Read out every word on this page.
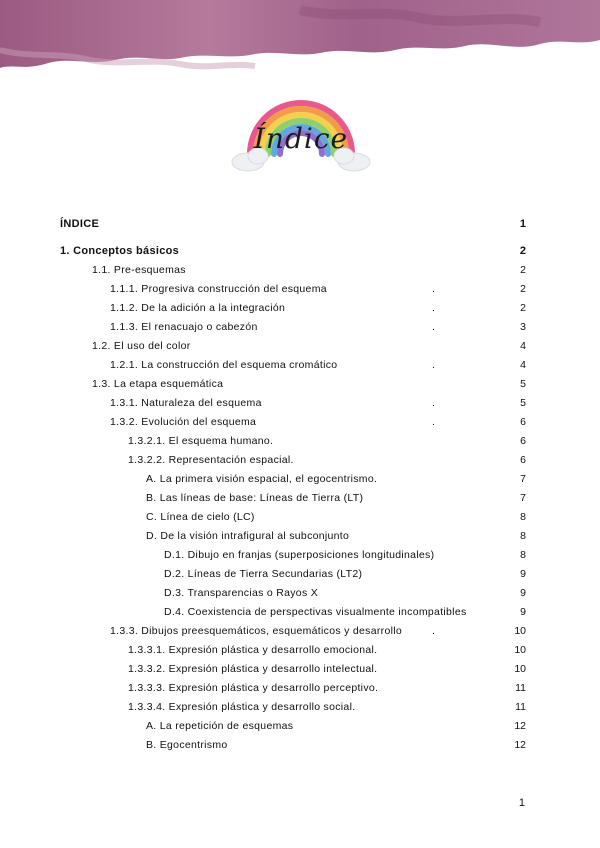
Índice
ÍNDICE	1
1. Conceptos básicos	2
1.1. Pre-esquemas	2
1.1.1. Progresiva construcción del esquema	.	2
1.1.2. De la adición a la integración	.	2
1.1.3. El renacuajo o cabezón	.	3
1.2. El uso del color	4
1.2.1. La construcción del esquema cromático	.	4
1.3. La etapa esquemática	5
1.3.1. Naturaleza del esquema	.	5
1.3.2. Evolución del esquema	.	6
1.3.2.1. El esquema humano.	6
1.3.2.2. Representación espacial.	6
A. La primera visión espacial, el egocentrismo.	7
B. Las líneas de base: Líneas de Tierra (LT)	7
C. Línea de cielo (LC)	8
D. De la visión intrafigural al subconjunto	8
D.1. Dibujo en franjas (superposiciones longitudinales)	8
D.2. Líneas de Tierra Secundarias (LT2)	9
D.3. Transparencias o Rayos X	9
D.4. Coexistencia de perspectivas visualmente incompatibles	9
1.3.3. Dibujos preesquemáticos, esquemáticos y desarrollo	.	10
1.3.3.1. Expresión plástica y desarrollo emocional.	10
1.3.3.2. Expresión plástica y desarrollo intelectual.	10
1.3.3.3. Expresión plástica y desarrollo perceptivo.	11
1.3.3.4. Expresión plástica y desarrollo social.	11
A. La repetición de esquemas	12
B. Egocentrismo	12
1
